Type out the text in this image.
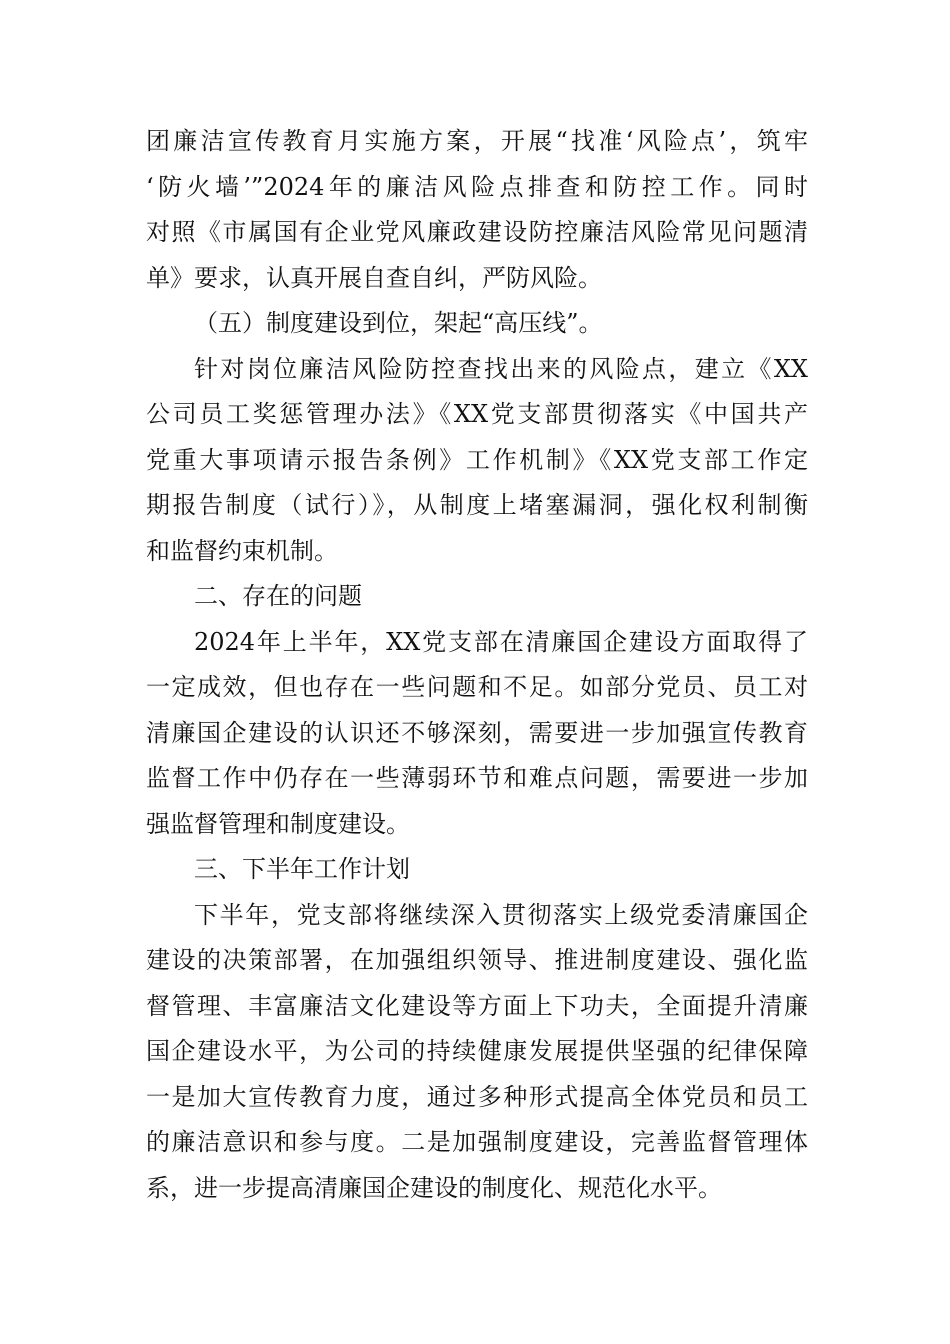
团廉洁宣传教育月实施方案，开展“找准‘风险点’，筑牢
‘防火墙’”2024年的廉洁风险点排查和防控工作。同时
对照《市属国有企业党风廉政建设防控廉洁风险常见问题清
单》要求，认真开展自查自纠，严防风险。
（五）制度建设到位，架起“高压线”。
针对岗位廉洁风险防控查找出来的风险点，建立《XX
公司员工奖惩管理办法》《XX党支部贯彻落实《中国共产
党重大事项请示报告条例》工作机制》《XX党支部工作定
期报告制度（试行）》，从制度上堵塞漏洞，强化权利制衡
和监督约束机制。
二、存在的问题
2024年上半年，XX党支部在清廉国企建设方面取得了
一定成效，但也存在一些问题和不足。如部分党员、员工对
清廉国企建设的认识还不够深刻，需要进一步加强宣传教育
监督工作中仍存在一些薄弱环节和难点问题，需要进一步加
强监督管理和制度建设。
三、下半年工作计划
下半年，党支部将继续深入贯彻落实上级党委清廉国企
建设的决策部署，在加强组织领导、推进制度建设、强化监
督管理、丰富廉洁文化建设等方面上下功夫，全面提升清廉
国企建设水平，为公司的持续健康发展提供坚强的纪律保障
一是加大宣传教育力度，通过多种形式提高全体党员和员工
的廉洁意识和参与度。二是加强制度建设，完善监督管理体
系，进一步提高清廉国企建设的制度化、规范化水平。
